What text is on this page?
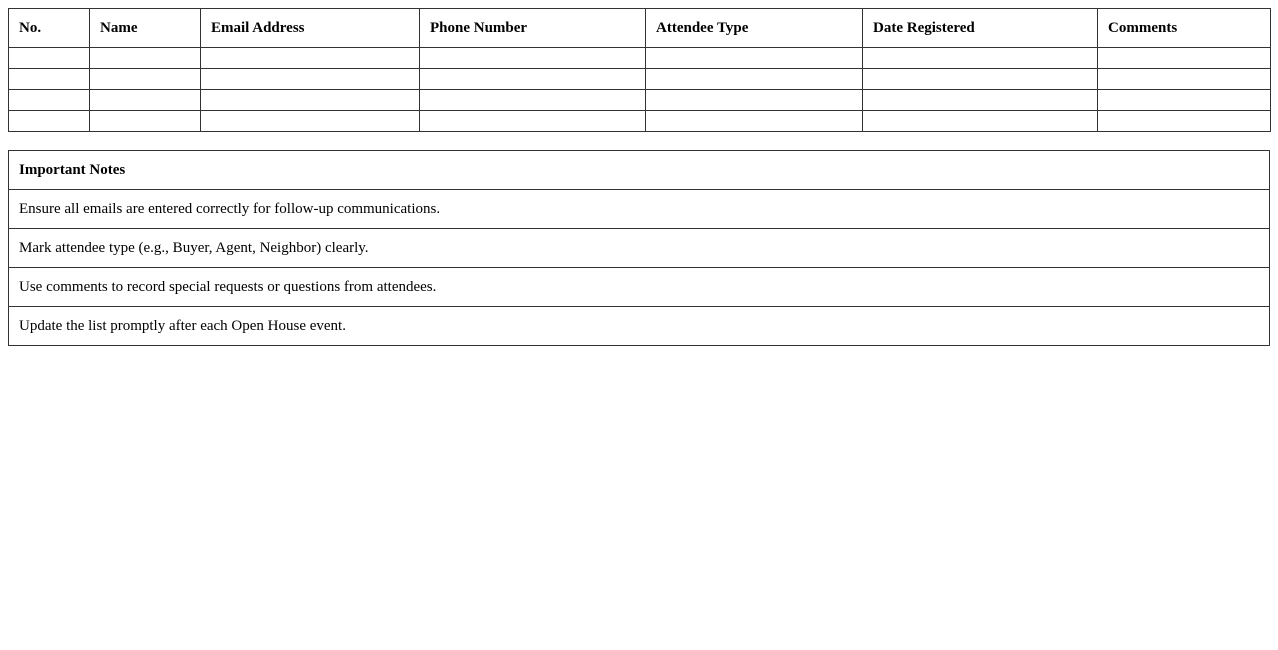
No.	Name	Email Address	Phone Number	Attendee Type	Date Registered	Comments

Important Notes
Ensure all emails are entered correctly for follow-up communications.
Mark attendee type (e.g., Buyer, Agent, Neighbor) clearly.
Use comments to record special requests or questions from attendees.
Update the list promptly after each Open House event.
